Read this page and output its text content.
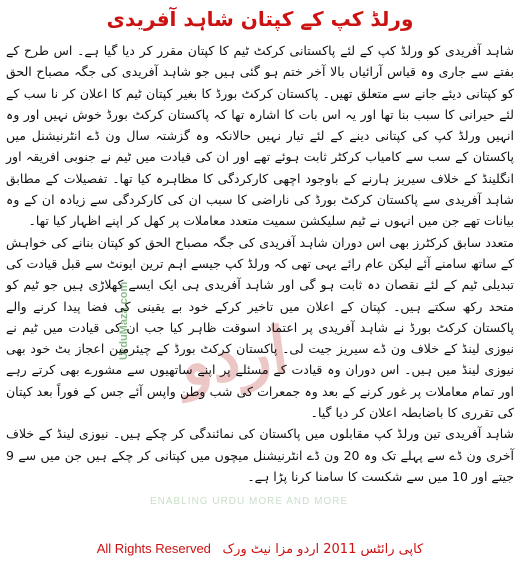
ورلڈ کپ کے کپتان شاہد آفریدی
اردو
ENABLING URDU MORE AND MORE
UrduMaza.com

شاہد آفریدی کو ورلڈ کپ کے لئے پاکستانی کرکٹ ٹیم کا کپتان مقرر کر دیا گیا ہے۔ اس طرح کے بفتے سے جاری وہ قیاس آرائیاں بالا آخر ختم ہو گئی ہیں جو شاہد آفریدی کی جگہ مصباح الحق کو کپتانی دیئے جانے سے متعلق تھیں۔ پاکستان کرکٹ بورڈ کا بغیر کپتان ٹیم کا اعلان کر نا سب کے لئے حیرانی کا سبب بنا تھا اور یہ اس بات کا اشارہ تھا کہ پاکستان کرکٹ بورڈ خوش نہیں اور وہ انہیں ورلڈ کپ کی کپتانی دینے کے لئے تیار نہیں حالانکہ وہ گزشتہ سال ون ڈے انٹرنیشنل میں پاکستان کے سب سے کامیاب کرکٹر ثابت ہوئے تھے اور ان کی قیادت میں ٹیم نے جنوبی افریقہ اور انگلینڈ کے خلاف سیریز ہارنے کے باوجود اچھی کارکردگی کا مظاہرہ کیا تھا۔ تفصیلات کے مطابق شاہد آفریدی سے پاکستان کرکٹ بورڈ کی ناراضی کا سبب ان کی کارکردگی سے زیادہ ان کے وہ بیانات تھے جن میں انہوں نے ٹیم سلیکشن سمیت متعدد معاملات پر کھل کر اپنے اظہار کیا تھا۔

متعدد سابق کرکٹرز بھی اس دوران شاہد آفریدی کی جگہ مصباح الحق کو کپتان بنانے کی خواہش کے ساتھ سامنے آئے لیکن عام رائے یہی تھی کہ ورلڈ کپ جیسے اہم ترین ایونٹ سے قبل قیادت کی تبدیلی ٹیم کے لئے نقصان دہ ثابت ہو گی اور شاہد آفریدی ہی ایک ایسے کھلاڑی ہیں جو ٹیم کو متحد رکھ سکتے ہیں۔ کپتان کے اعلان میں تاخیر کرکے خود بے یقینی کی فضا پیدا کرنے والے پاکستان کرکٹ بورڈ نے شاہد آفریدی پر اعتماد اسوقت ظاہر کیا جب ان کی قیادت میں ٹیم نے نیوزی لینڈ کے خلاف ون ڈے سیریز جیت لی۔ پاکستان کرکٹ بورڈ کے چیئرمین اعجاز بٹ خود بھی نیوزی لینڈ میں ہیں۔ اس دوران وہ قیادت کے مسئلے پر اپنے ساتھیوں سے مشورے بھی کرتے رہے اور تمام معاملات پر غور کرنے کے بعد وہ جمعرات کی شب وطن واپس آئے جس کے فوراً بعد کپتان کی تقرری کا باضابطہ اعلان کر دیا گیا۔

شاہد آفریدی تین ورلڈ کپ مقابلوں میں پاکستان کی نمائندگی کر چکے ہیں۔ نیوزی لینڈ کے خلاف آخری ون ڈے سے پہلے تک وہ 20 ون ڈے انٹرنیشنل میچوں میں کپتانی کر چکے ہیں جن میں سے 9 جیتے اور 10 میں سے شکست کا سامنا کرنا پڑا ہے۔

All Rights Reserved کاپی رائٹس 2011 اردو مزا نیٹ ورک
